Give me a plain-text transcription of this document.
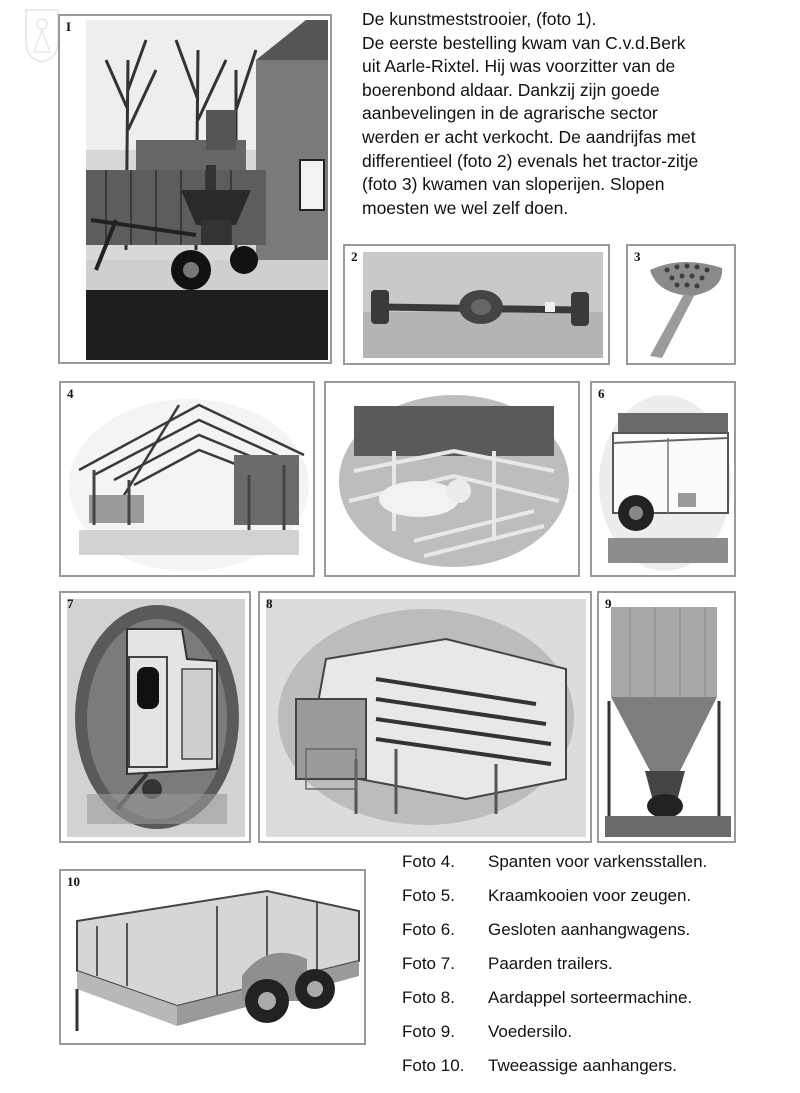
De kunstmeststrooier, (foto 1).

De eerste bestelling kwam van C.v.d.Berk

uit Aarle-Rixtel. Hij was voorzitter van de

boerenbond aldaar. Dankzij zijn goede

aanbevelingen in de agrarische sector

werden er acht verkocht. De aandrijfas met

differentieel (foto 2) evenals het tractor-zitje

(foto 3) kwamen van sloperijen. Slopen

moesten we wel zelf doen.

I
2	3
4	6
7	8	9
10
Foto 4. Spanten voor varkensstallen.
Foto 5. Kraamkooien voor zeugen.
Foto 6. Gesloten aanhangwagens.
Foto 7. Paarden trailers.
Foto 8. Aardappel sorteermachine.
Foto 9. Voedersilo.
Foto 10. Tweeassige aanhangers.
